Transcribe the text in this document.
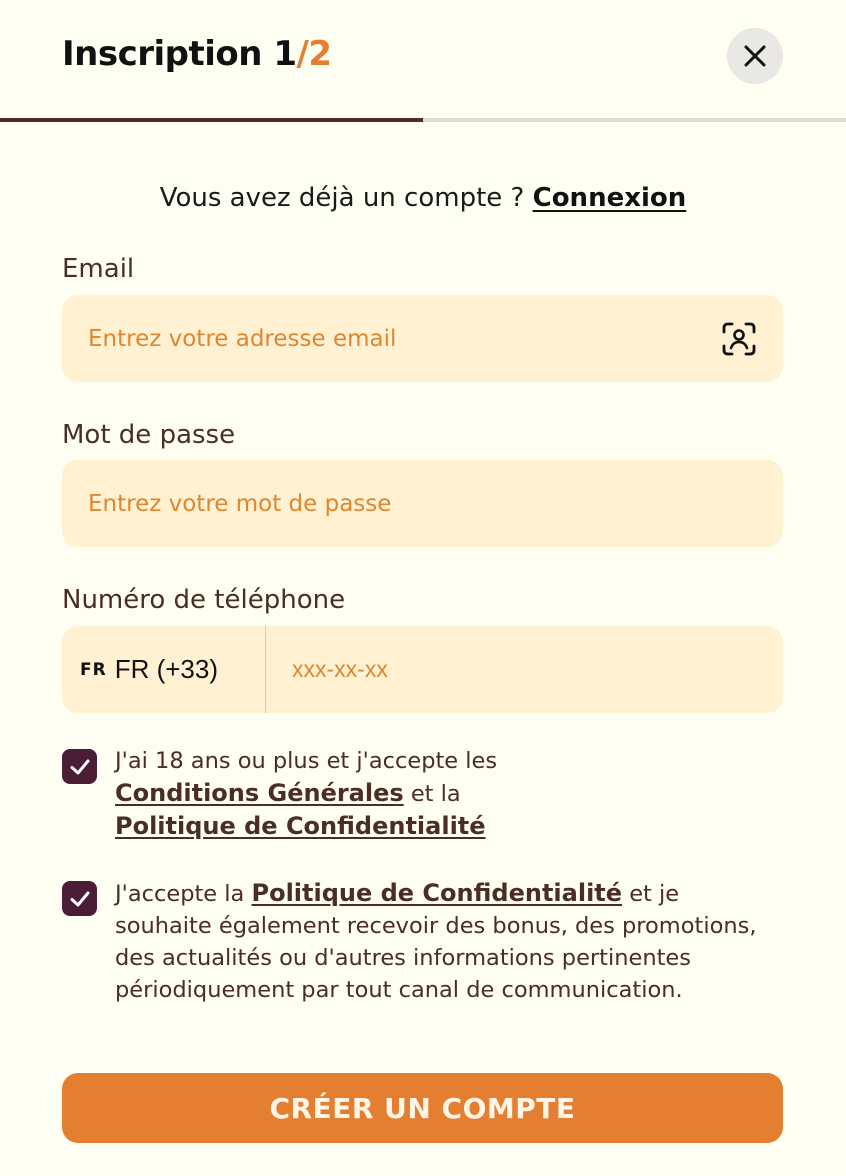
Inscription 1/2
Vous avez déjà un compte ? Connexion
Email
Entrez votre adresse email
Mot de passe
Numéro de téléphone
FR FR (+33)
xxx-xx-xx
J'ai 18 ans ou plus et j'accepte les
Conditions Générales et la
Politique de Confidentialité
J'accepte la Politique de Confidentialité et je souhaite également recevoir des bonus, des promotions, des actualités ou d'autres informations pertinentes périodiquement par tout canal de communication.
CRÉER UN COMPTE
